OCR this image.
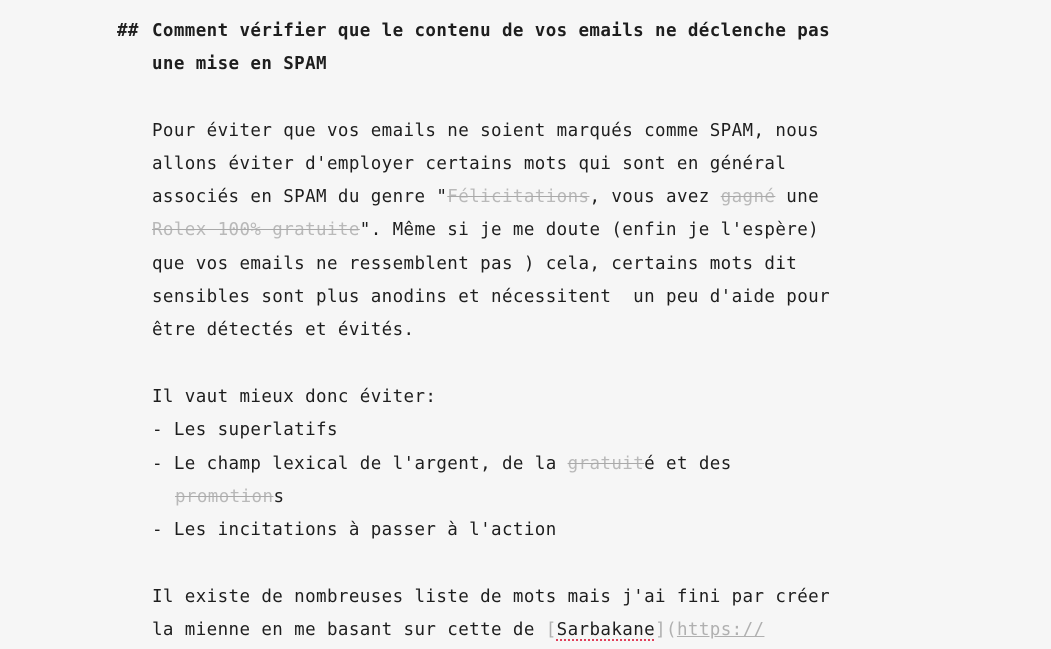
## Comment vérifier que le contenu de vos emails ne déclenche pas
une mise en SPAM
Pour éviter que vos emails ne soient marqués comme SPAM, nous
allons éviter d'employer certains mots qui sont en général
associés en SPAM du genre "Félicitations, vous avez gagné une
Rolex 100% gratuite". Même si je me doute (enfin je l'espère)
que vos emails ne ressemblent pas ) cela, certains mots dit
sensibles sont plus anodins et nécessitent  un peu d'aide pour
être détectés et évités.
Il vaut mieux donc éviter:
- Les superlatifs
- Le champ lexical de l'argent, de la gratuité et des
promotions
- Les incitations à passer à l'action
Il existe de nombreuses liste de mots mais j'ai fini par créer
la mienne en me basant sur cette de [Sarbakane](https://
